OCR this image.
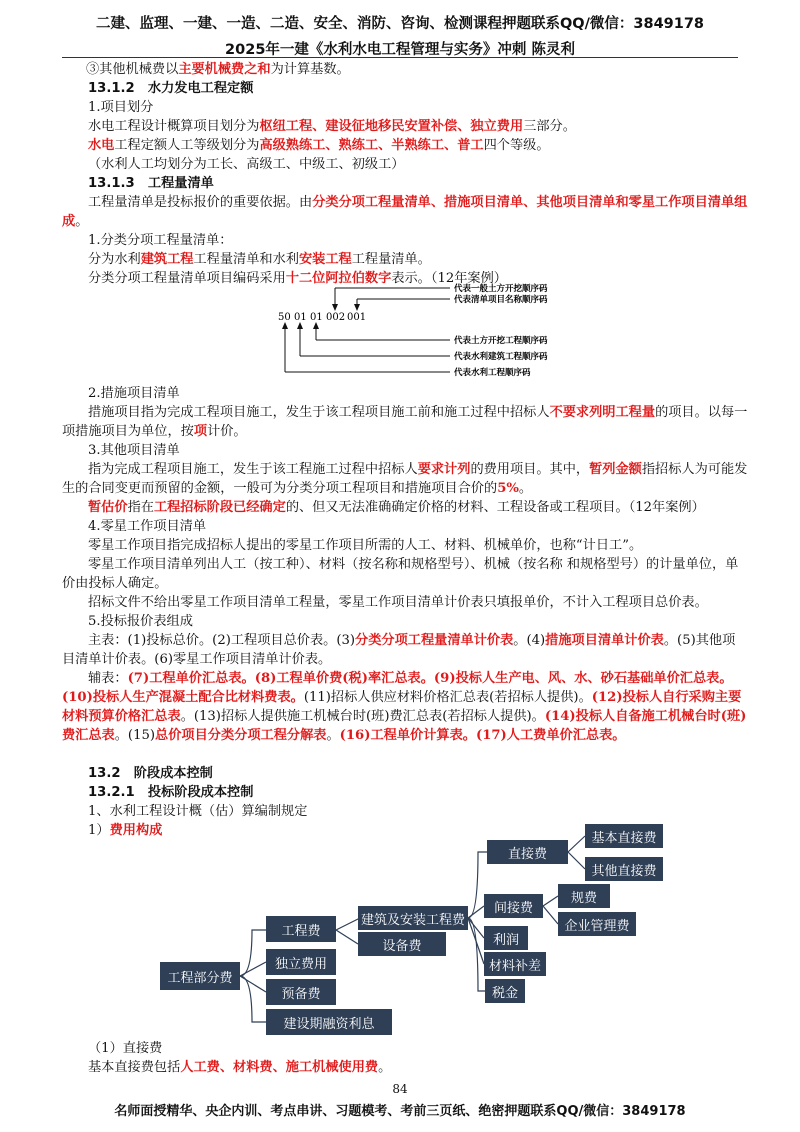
二建、监理、一建、一造、二造、安全、消防、咨询、检测课程押题联系QQ/微信：3849178
2025年一建《水利水电工程管理与实务》冲刺 陈灵利
③其他机械费以主要机械费之和为计算基数。
13.1.2　水力发电工程定额
1.项目划分
水电工程设计概算项目划分为枢纽工程、建设征地移民安置补偿、独立费用三部分。
水电工程定额人工等级划分为高级熟练工、熟练工、半熟练工、普工四个等级。
（水利人工均划分为工长、高级工、中级工、初级工）
13.1.3　工程量清单
工程量清单是投标报价的重要依据。由分类分项工程量清单、措施项目清单、其他项目清单和零星工作项目清单组成。
1.分类分项工程量清单：
分为水利建筑工程工程量清单和水利安装工程工程量清单。
分类分项工程量清单项目编码采用十二位阿拉伯数字表示。（12年案例）
50 01 01 002 001
代表一般土方开挖顺序码
代表清单项目名称顺序码
代表土方开挖工程顺序码
代表水利建筑工程顺序码
代表水利工程顺序码
2.措施项目清单
措施项目指为完成工程项目施工，发生于该工程项目施工前和施工过程中招标人不要求列明工程量的项目。以每一项措施项目为单位，按项计价。
3.其他项目清单
指为完成工程项目施工，发生于该工程施工过程中招标人要求计列的费用项目。其中，暂列金额指招标人为可能发生的合同变更而预留的金额，一般可为分类分项工程项目和措施项目合价的5%。
暂估价指在工程招标阶段已经确定的、但又无法准确确定价格的材料、工程设备或工程项目。（12年案例）
4.零星工作项目清单
零星工作项目指完成招标人提出的零星工作项目所需的人工、材料、机械单价，也称“计日工”。
零星工作项目清单列出人工（按工种）、材料（按名称和规格型号）、机械（按名称 和规格型号）的计量单位，单价由投标人确定。
招标文件不给出零星工作项目清单工程量，零星工作项目清单计价表只填报单价，不计入工程项目总价表。
5.投标报价表组成
主表：(1)投标总价。(2)工程项目总价表。(3)分类分项工程量清单计价表。(4)措施项目清单计价表。(5)其他项目清单计价表。(6)零星工作项目清单计价表。
辅表：(7)工程单价汇总表。(8)工程单价费(税)率汇总表。(9)投标人生产电、风、水、砂石基础单价汇总表。(10)投标人生产混凝土配合比材料费表。(11)招标人供应材料价格汇总表(若招标人提供)。(12)投标人自行采购主要材料预算价格汇总表。(13)招标人提供施工机械台时(班)费汇总表(若招标人提供)。(14)投标人自备施工机械台时(班)费汇总表。(15)总价项目分类分项工程分解表。(16)工程单价计算表。(17)人工费单价汇总表。
13.2　阶段成本控制
13.2.1　投标阶段成本控制
1、水利工程设计概（估）算编制规定
1）费用构成
工程部分费
工程费
独立费用
预备费
建设期融资利息
建筑及安装工程费
设备费
直接费
间接费
利润
材料补差
税金
基本直接费
其他直接费
规费
企业管理费
（1）直接费
基本直接费包括人工费、材料费、施工机械使用费。
84
名师面授精华、央企内训、考点串讲、习题模考、考前三页纸、绝密押题联系QQ/微信：3849178
